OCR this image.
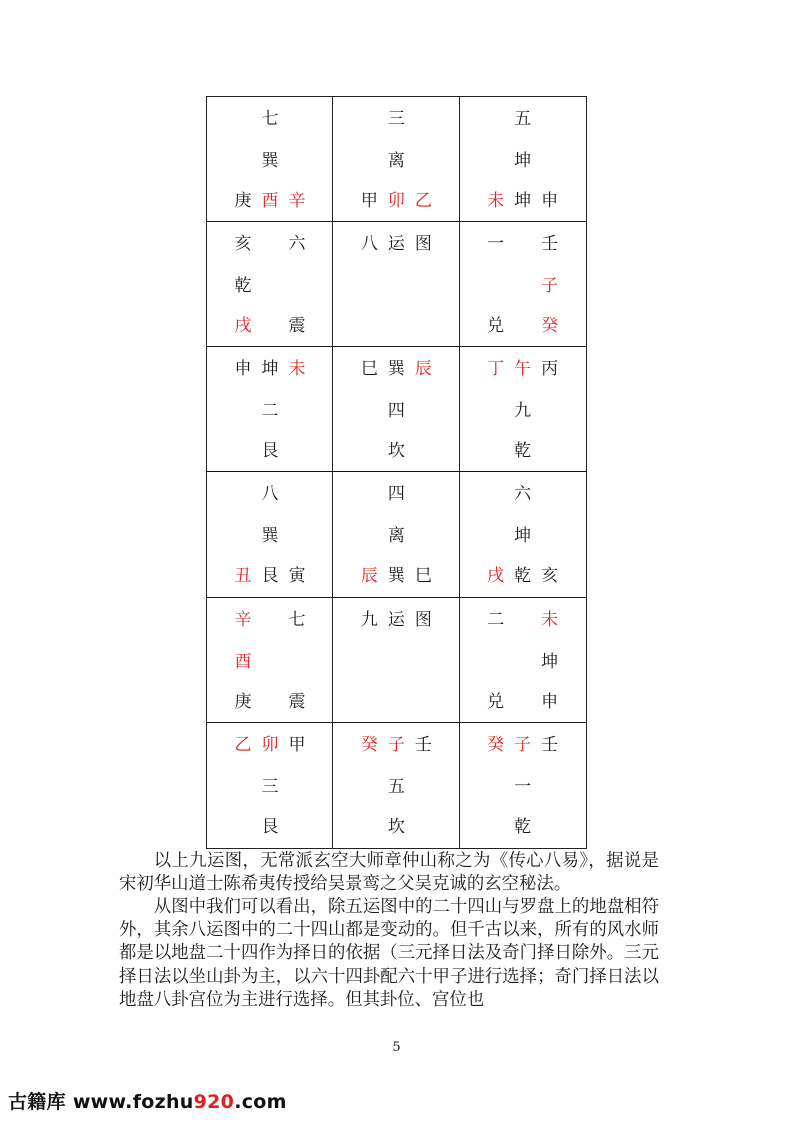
七
巽
庚 酉 辛
三
离
甲 卯 乙
五
坤
未 坤 申
亥 六
乾
戌 震
八 运 图	一 壬
子
兑 癸
申 坤 未
二
艮
巳 巽 辰
四
坎
丁 午 丙
九
乾
八
巽
丑 艮 寅
四
离
辰 巽 巳
六
坤
戌 乾 亥
辛 七
酉
庚 震
九 运 图	二 未
坤
兑 申
乙 卯 甲
三
艮
癸 子 壬
五
坎
癸 子 壬
一
乾

以上九运图，无常派玄空大师章仲山称之为《传心八易》，据说是宋初华山道士陈希夷传授给吴景鸾之父吴克诚的玄空秘法。

从图中我们可以看出，除五运图中的二十四山与罗盘上的地盘相符外，其余八运图中的二十四山都是变动的。但千古以来，所有的风水师都是以地盘二十四作为择日的依据（三元择日法及奇门择日除外。三元择日法以坐山卦为主，以六十四卦配六十甲子进行选择；奇门择日法以地盘八卦宫位为主进行选择。但其卦位、宫位也

5
古籍库 www.fozhu920.com
